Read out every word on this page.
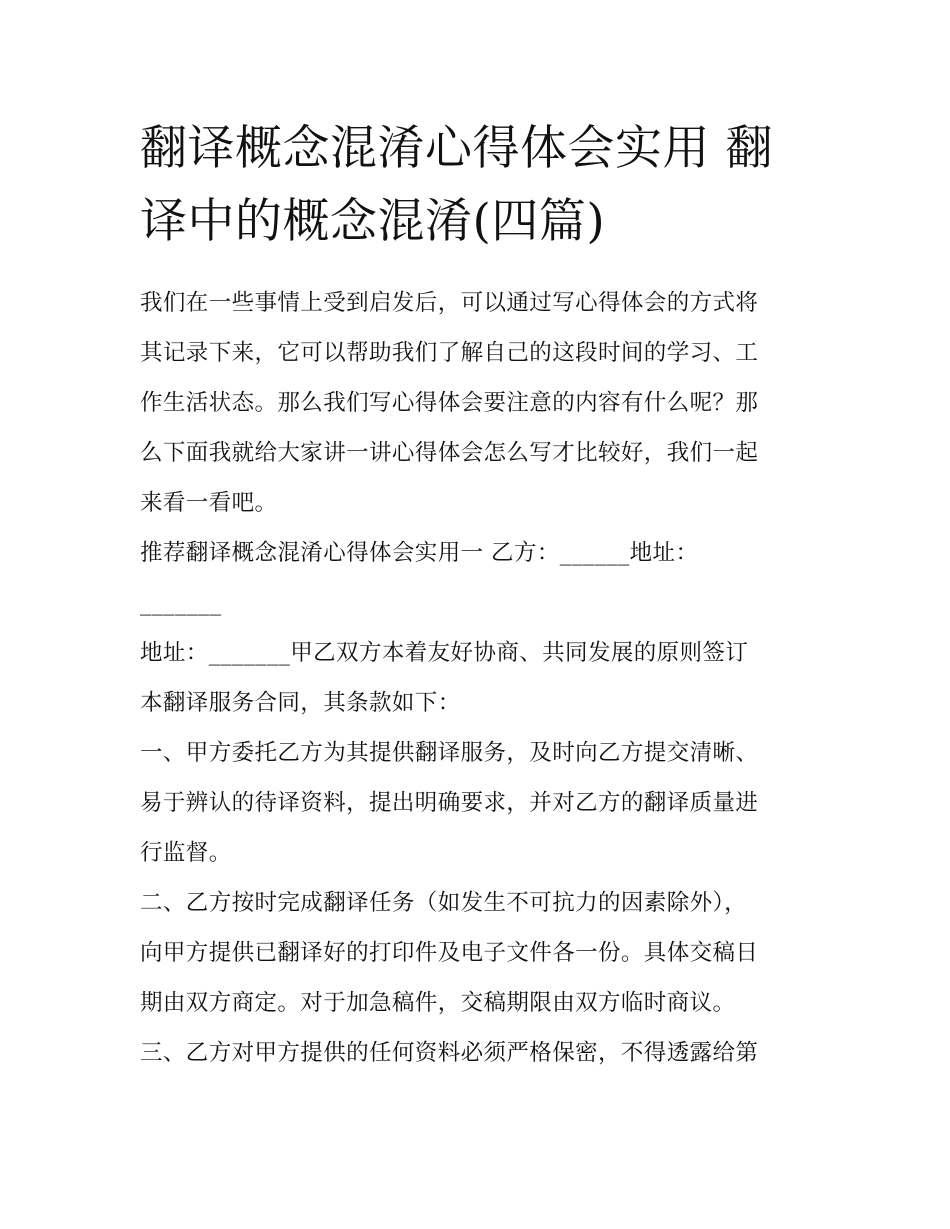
翻译概念混淆心得体会实用 翻
译中的概念混淆(四篇)

我们在一些事情上受到启发后，可以通过写心得体会的方式将
其记录下来，它可以帮助我们了解自己的这段时间的学习、工
作生活状态。那么我们写心得体会要注意的内容有什么呢？那
么下面我就给大家讲一讲心得体会怎么写才比较好，我们一起
来看一看吧。

推荐翻译概念混淆心得体会实用一 乙方：______地址：
_______

地址：_______甲乙双方本着友好协商、共同发展的原则签订
本翻译服务合同，其条款如下：

一、甲方委托乙方为其提供翻译服务，及时向乙方提交清晰、
易于辨认的待译资料，提出明确要求，并对乙方的翻译质量进
行监督。

二、乙方按时完成翻译任务（如发生不可抗力的因素除外），
向甲方提供已翻译好的打印件及电子文件各一份。具体交稿日
期由双方商定。对于加急稿件，交稿期限由双方临时商议。

三、乙方对甲方提供的任何资料必须严格保密，不得透露给第
